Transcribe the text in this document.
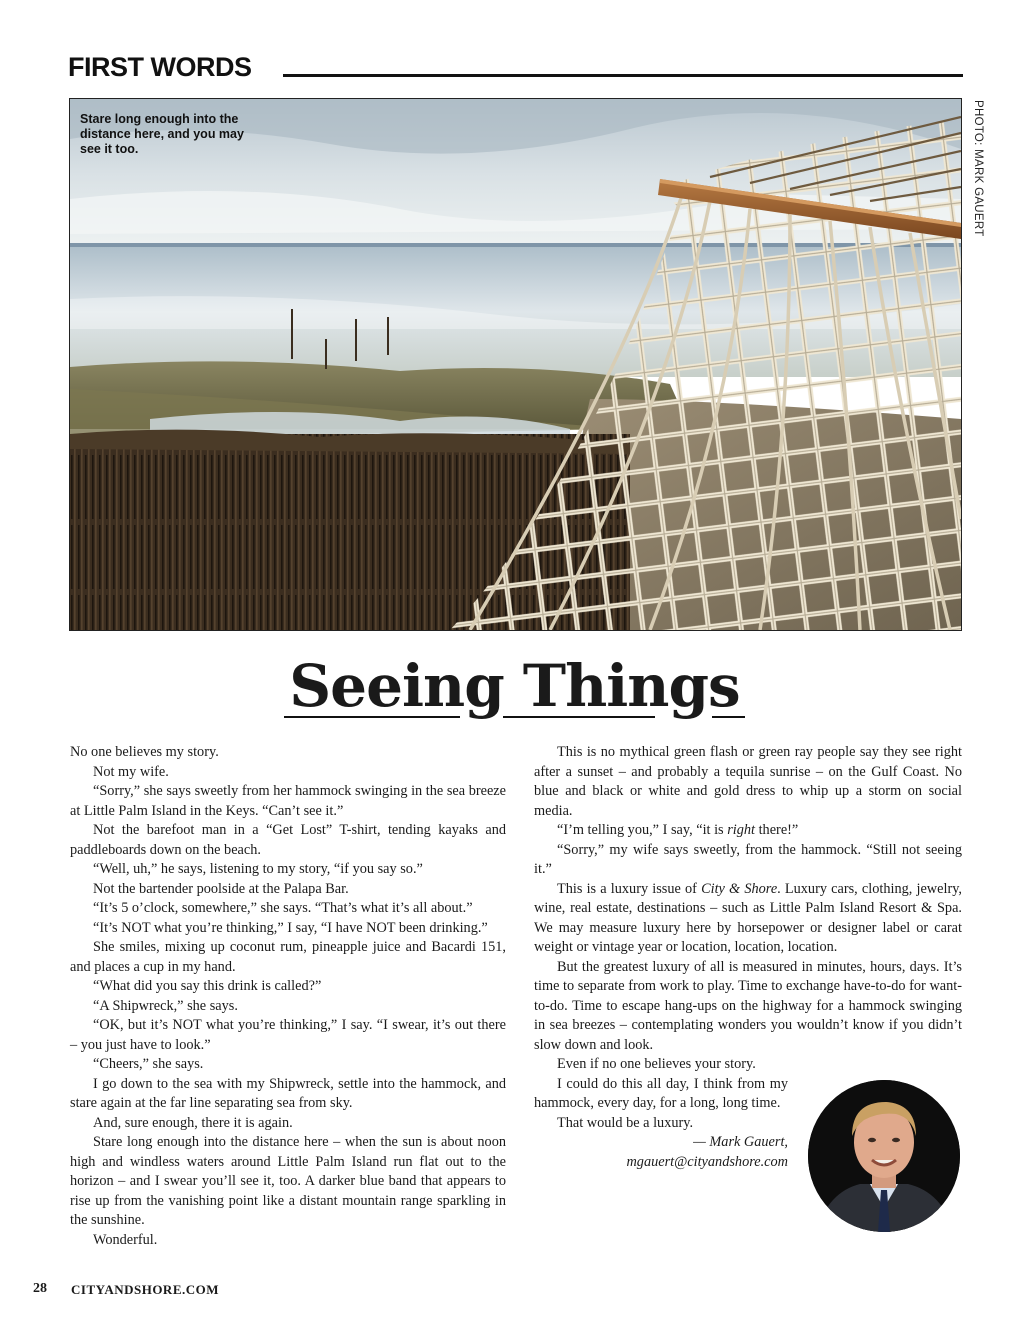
FIRST WORDS
Stare long enough into the distance here, and you may see it too.	PHOTO: MARK GAUERT
Seeing Things

No one believes my story.

Not my wife.

“Sorry,” she says sweetly from her hammock swinging in the sea breeze at Little Palm Island in the Keys. “Can’t see it.”

Not the barefoot man in a “Get Lost” T-shirt, tending kayaks and paddleboards down on the beach.

“Well, uh,” he says, listening to my story, “if you say so.”

Not the bartender poolside at the Palapa Bar.

“It’s 5 o’clock, somewhere,” she says. “That’s what it’s all about.”

“It’s NOT what you’re thinking,” I say, “I have NOT been drinking.”

She smiles, mixing up coconut rum, pineapple juice and Bacardi 151, and places a cup in my hand.

“What did you say this drink is called?”

“A Shipwreck,” she says.

“OK, but it’s NOT what you’re thinking,” I say. “I swear, it’s out there – you just have to look.”

“Cheers,” she says.

I go down to the sea with my Shipwreck, settle into the hammock, and stare again at the far line separating sea from sky.

And, sure enough, there it is again.

Stare long enough into the distance here – when the sun is about noon high and windless waters around Little Palm Island run flat out to the horizon – and I swear you’ll see it, too. A darker blue band that appears to rise up from the vanishing point like a distant mountain range sparkling in the sunshine.

Wonderful.

This is no mythical green flash or green ray people say they see right after a sunset – and probably a tequila sunrise – on the Gulf Coast. No blue and black or white and gold dress to whip up a storm on social media.

“I’m telling you,” I say, “it is right there!”

“Sorry,” my wife says sweetly, from the hammock. “Still not seeing it.”

This is a luxury issue of City & Shore. Luxury cars, clothing, jewelry, wine, real estate, destinations – such as Little Palm Island Resort & Spa. We may measure luxury here by horsepower or designer label or carat weight or vintage year or location, location, location.

But the greatest luxury of all is measured in minutes, hours, days. It’s time to separate from work to play. Time to exchange have-to-do for want-to-do. Time to escape hang-ups on the highway for a hammock swinging in sea breezes – contemplating wonders you wouldn’t know if you didn’t slow down and look.

Even if no one believes your story.

I could do this all day, I think from my hammock, every day, for a long, long time.

That would be a luxury.

— Mark Gauert,
mgauert@cityandshore.com
28 CITYANDSHORE.COM
